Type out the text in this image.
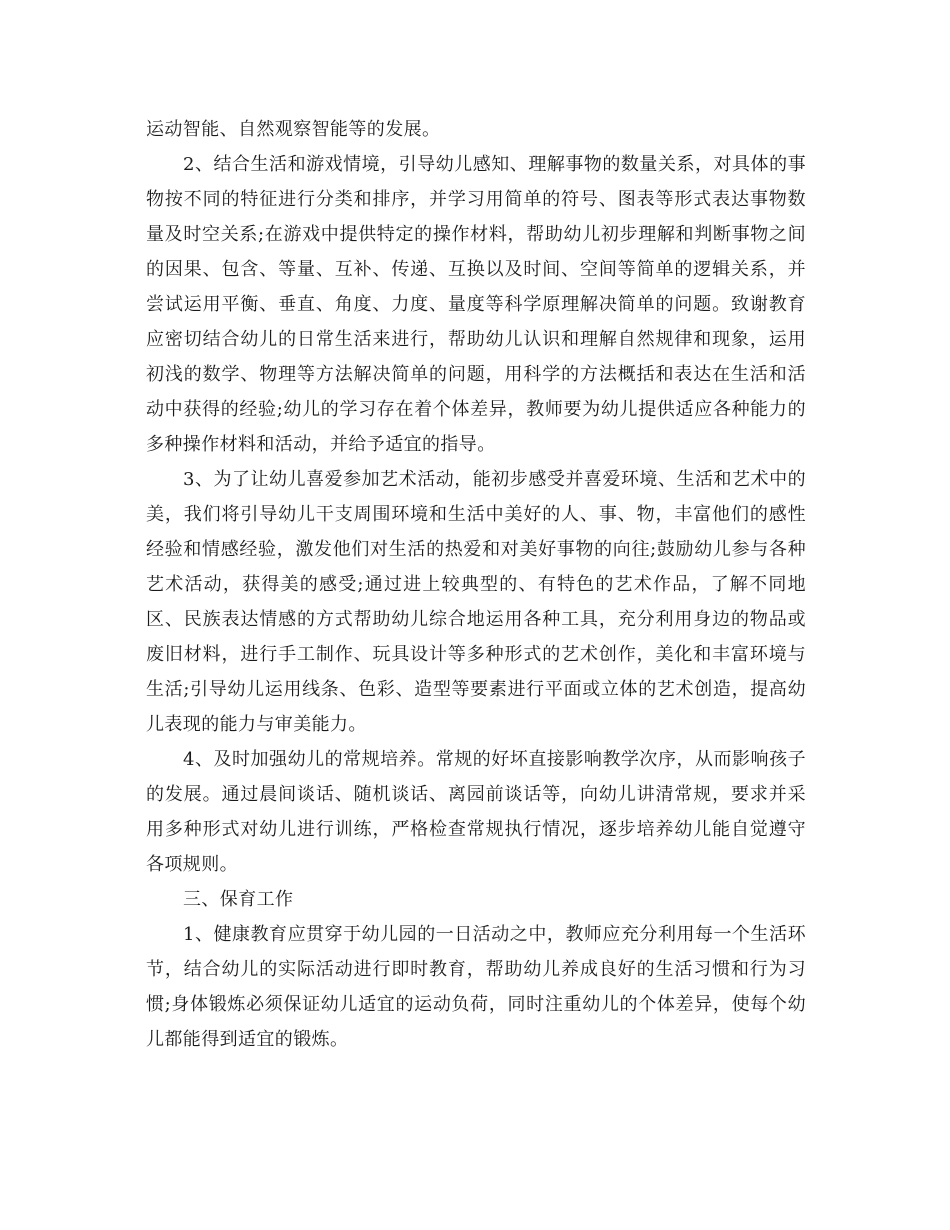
运动智能、自然观察智能等的发展。

2、结合生活和游戏情境，引导幼儿感知、理解事物的数量关系，对具体的事物按不同的特征进行分类和排序，并学习用简单的符号、图表等形式表达事物数量及时空关系;在游戏中提供特定的操作材料，帮助幼儿初步理解和判断事物之间的因果、包含、等量、互补、传递、互换以及时间、空间等简单的逻辑关系，并尝试运用平衡、垂直、角度、力度、量度等科学原理解决简单的问题。致谢教育应密切结合幼儿的日常生活来进行，帮助幼儿认识和理解自然规律和现象，运用初浅的数学、物理等方法解决简单的问题，用科学的方法概括和表达在生活和活动中获得的经验;幼儿的学习存在着个体差异，教师要为幼儿提供适应各种能力的多种操作材料和活动，并给予适宜的指导。

3、为了让幼儿喜爱参加艺术活动，能初步感受并喜爱环境、生活和艺术中的美，我们将引导幼儿干支周围环境和生活中美好的人、事、物，丰富他们的感性经验和情感经验，激发他们对生活的热爱和对美好事物的向往;鼓励幼儿参与各种艺术活动，获得美的感受;通过进上较典型的、有特色的艺术作品，了解不同地区、民族表达情感的方式帮助幼儿综合地运用各种工具，充分利用身边的物品或废旧材料，进行手工制作、玩具设计等多种形式的艺术创作，美化和丰富环境与生活;引导幼儿运用线条、色彩、造型等要素进行平面或立体的艺术创造，提高幼儿表现的能力与审美能力。

4、及时加强幼儿的常规培养。常规的好坏直接影响教学次序，从而影响孩子的发展。通过晨间谈话、随机谈话、离园前谈话等，向幼儿讲清常规，要求并采用多种形式对幼儿进行训练，严格检查常规执行情况，逐步培养幼儿能自觉遵守各项规则。

三、保育工作

1、健康教育应贯穿于幼儿园的一日活动之中，教师应充分利用每一个生活环节，结合幼儿的实际活动进行即时教育，帮助幼儿养成良好的生活习惯和行为习惯;身体锻炼必须保证幼儿适宜的运动负荷，同时注重幼儿的个体差异，使每个幼儿都能得到适宜的锻炼。
